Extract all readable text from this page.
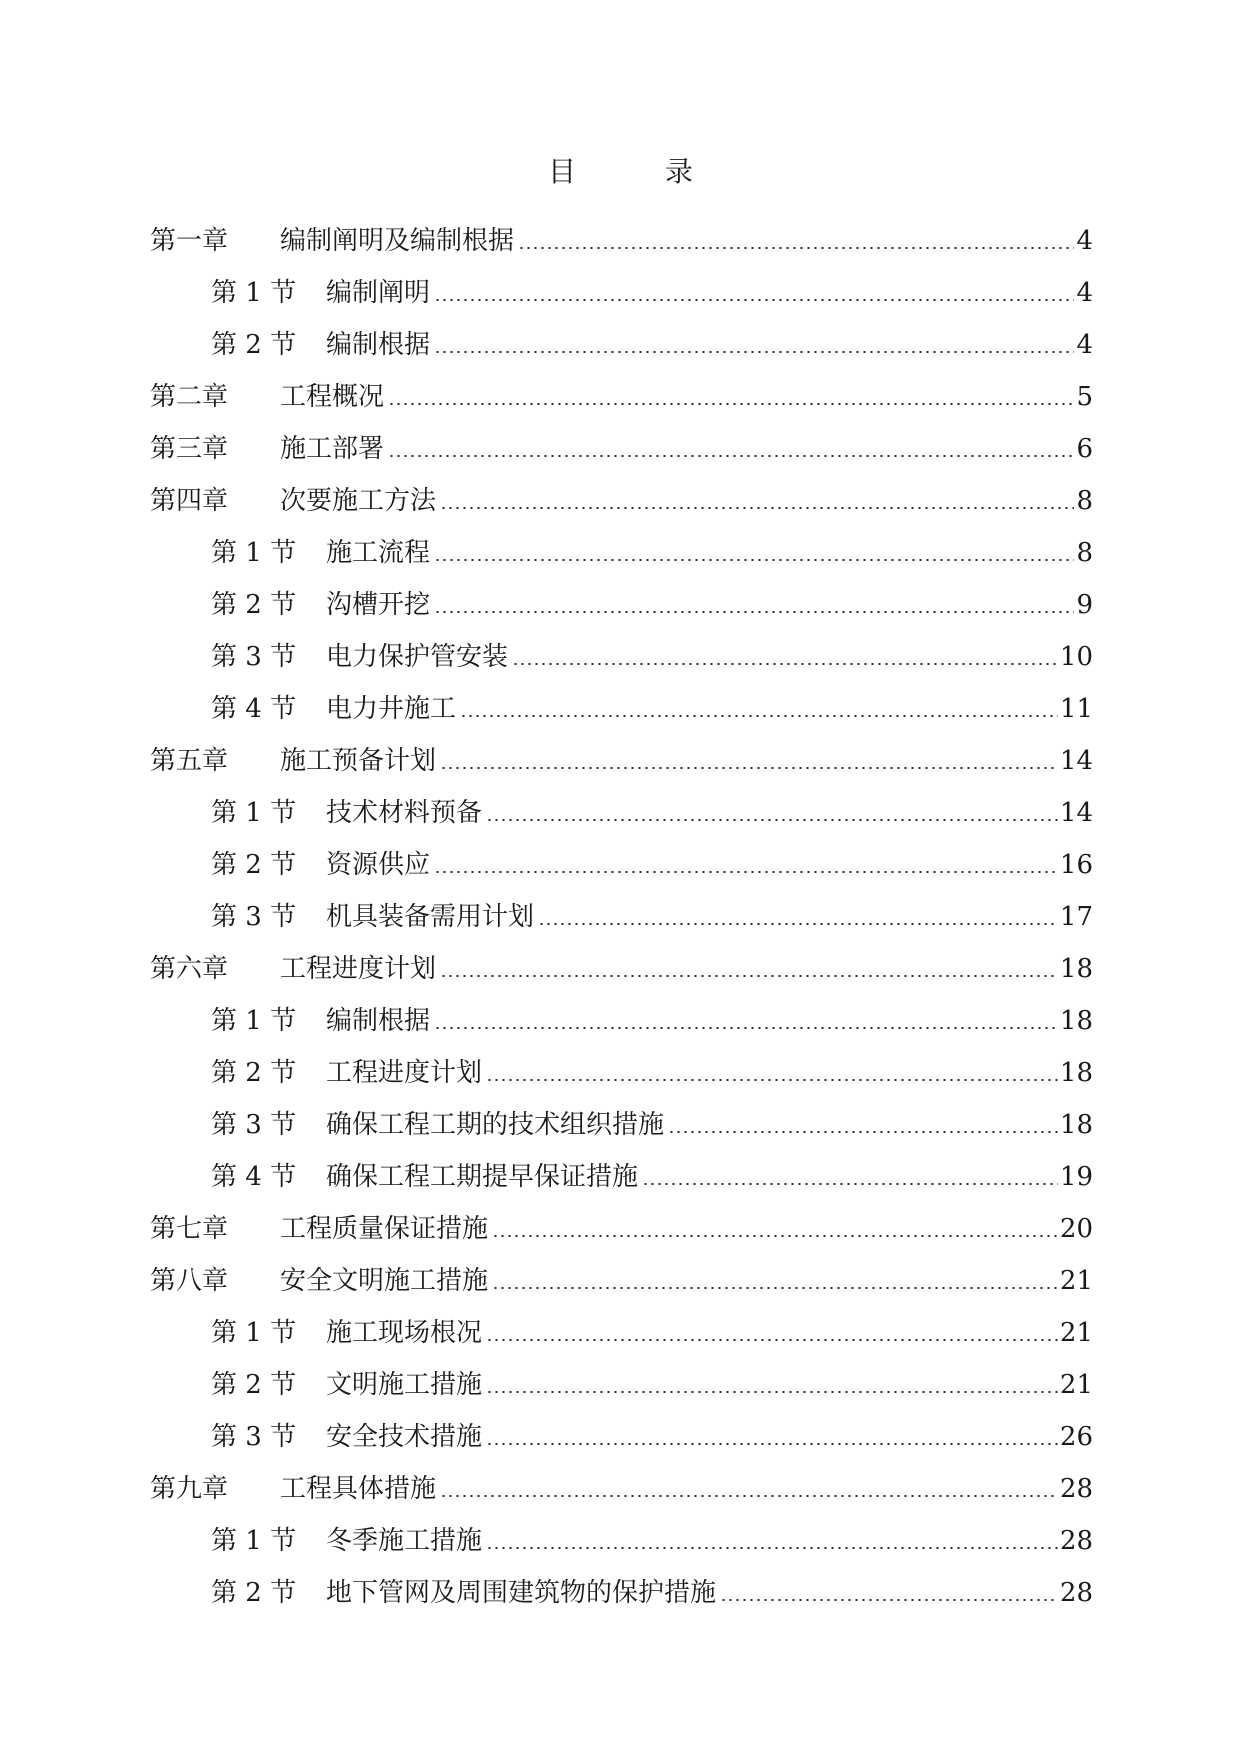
目 录
第一章	编制阐明及编制根据	4
第 1 节	编制阐明	4
第 2 节	编制根据	4
第二章	工程概况	5
第三章	施工部署	6
第四章	次要施工方法	8
第 1 节	施工流程	8
第 2 节	沟槽开挖	9
第 3 节	电力保护管安装	10
第 4 节	电力井施工	11
第五章	施工预备计划	14
第 1 节	技术材料预备	14
第 2 节	资源供应	16
第 3 节	机具装备需用计划	17
第六章	工程进度计划	18
第 1 节	编制根据	18
第 2 节	工程进度计划	18
第 3 节	确保工程工期的技术组织措施	18
第 4 节	确保工程工期提早保证措施	19
第七章	工程质量保证措施	20
第八章	安全文明施工措施	21
第 1 节	施工现场根况	21
第 2 节	文明施工措施	21
第 3 节	安全技术措施	26
第九章	工程具体措施	28
第 1 节	冬季施工措施	28
第 2 节	地下管网及周围建筑物的保护措施	28
